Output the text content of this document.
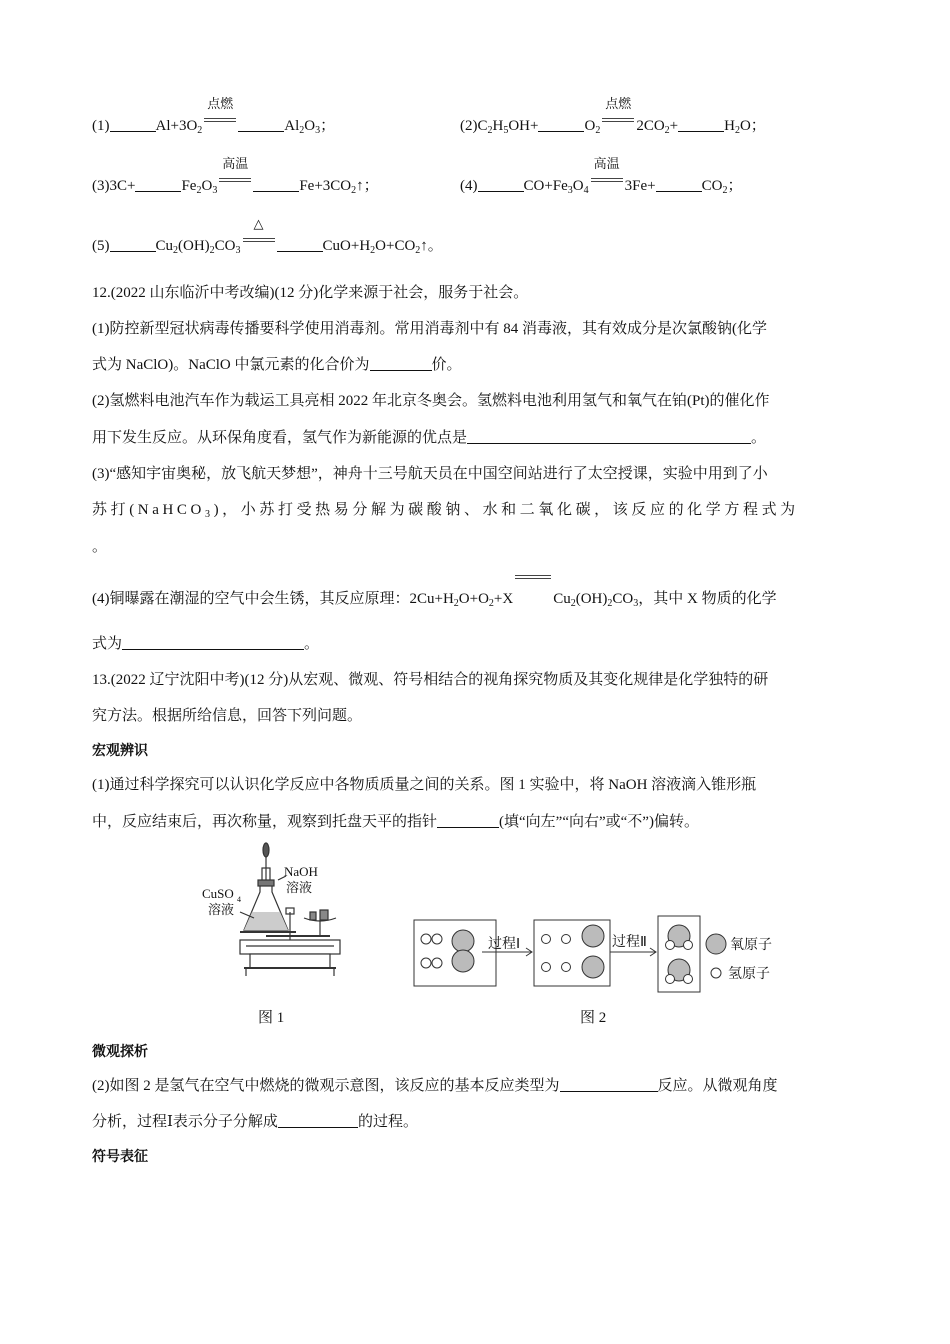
(1)	$Al+3O_2$
点燃
$Al_2O_3$；	$(2)C_2H_5OH+$	$O_2$
点燃
$2CO_2+$	$H_2O$；
(3)3C+	$Fe_2O_3$
高温
$Fe+3CO_2↑$；	(4)	$CO+Fe_3O_4$
高温
3Fe+	$CO_2$；
(5)	$Cu_2(OH)_2CO_3$
△
$CuO+H_2O+CO_2↑$。
12.(2022 山东临沂中考改编)(12 分)化学来源于社会，服务于社会。
(1)防控新型冠状病毒传播要科学使用消毒剂。常用消毒剂中有 84 消毒液，其有效成分是次氯酸钠(化学
式为 NaClO)。NaClO 中氯元素的化合价为	价。
(2)氢燃料电池汽车作为载运工具亮相 2022 年北京冬奥会。氢燃料电池利用氢气和氧气在铂(Pt)的催化作
用下发生反应。从环保角度看，氢气作为新能源的优点是	。
(3)“感知宇宙奥秘，放飞航天梦想”，神舟十三号航天员在中国空间站进行了太空授课，实验中用到了小
苏打(NaHCO$_3$)，小苏打受热易分解为碳酸钠、水和二氧化碳，该反应的化学方程式为
。
(4)铜曝露在潮湿的空气中会生锈，其反应原理：$2Cu+H_2O+O_2+X$	$Cu_2(OH)_2CO_3$，其中 X 物质的化学
式为	。
13.(2022 辽宁沈阳中考)(12 分)从宏观、微观、符号相结合的视角探究物质及其变化规律是化学独特的研
究方法。根据所给信息，回答下列问题。
宏观辨识
(1)通过科学探究可以认识化学反应中各物质质量之间的关系。图 1 实验中，将 NaOH 溶液滴入锥形瓶
中，反应结束后，再次称量，观察到托盘天平的指针	(填“向左”“向右”或“不”)偏转。
NaOH
溶液
CuSO 4
溶液
图 1
过程Ⅰ	过程Ⅱ	氧原子
氢原子
图 2
微观探析
(2)如图 2 是氢气在空气中燃烧的微观示意图，该反应的基本反应类型为	反应。从微观角度
分析，过程Ⅰ表示分子分解成	的过程。
符号表征
